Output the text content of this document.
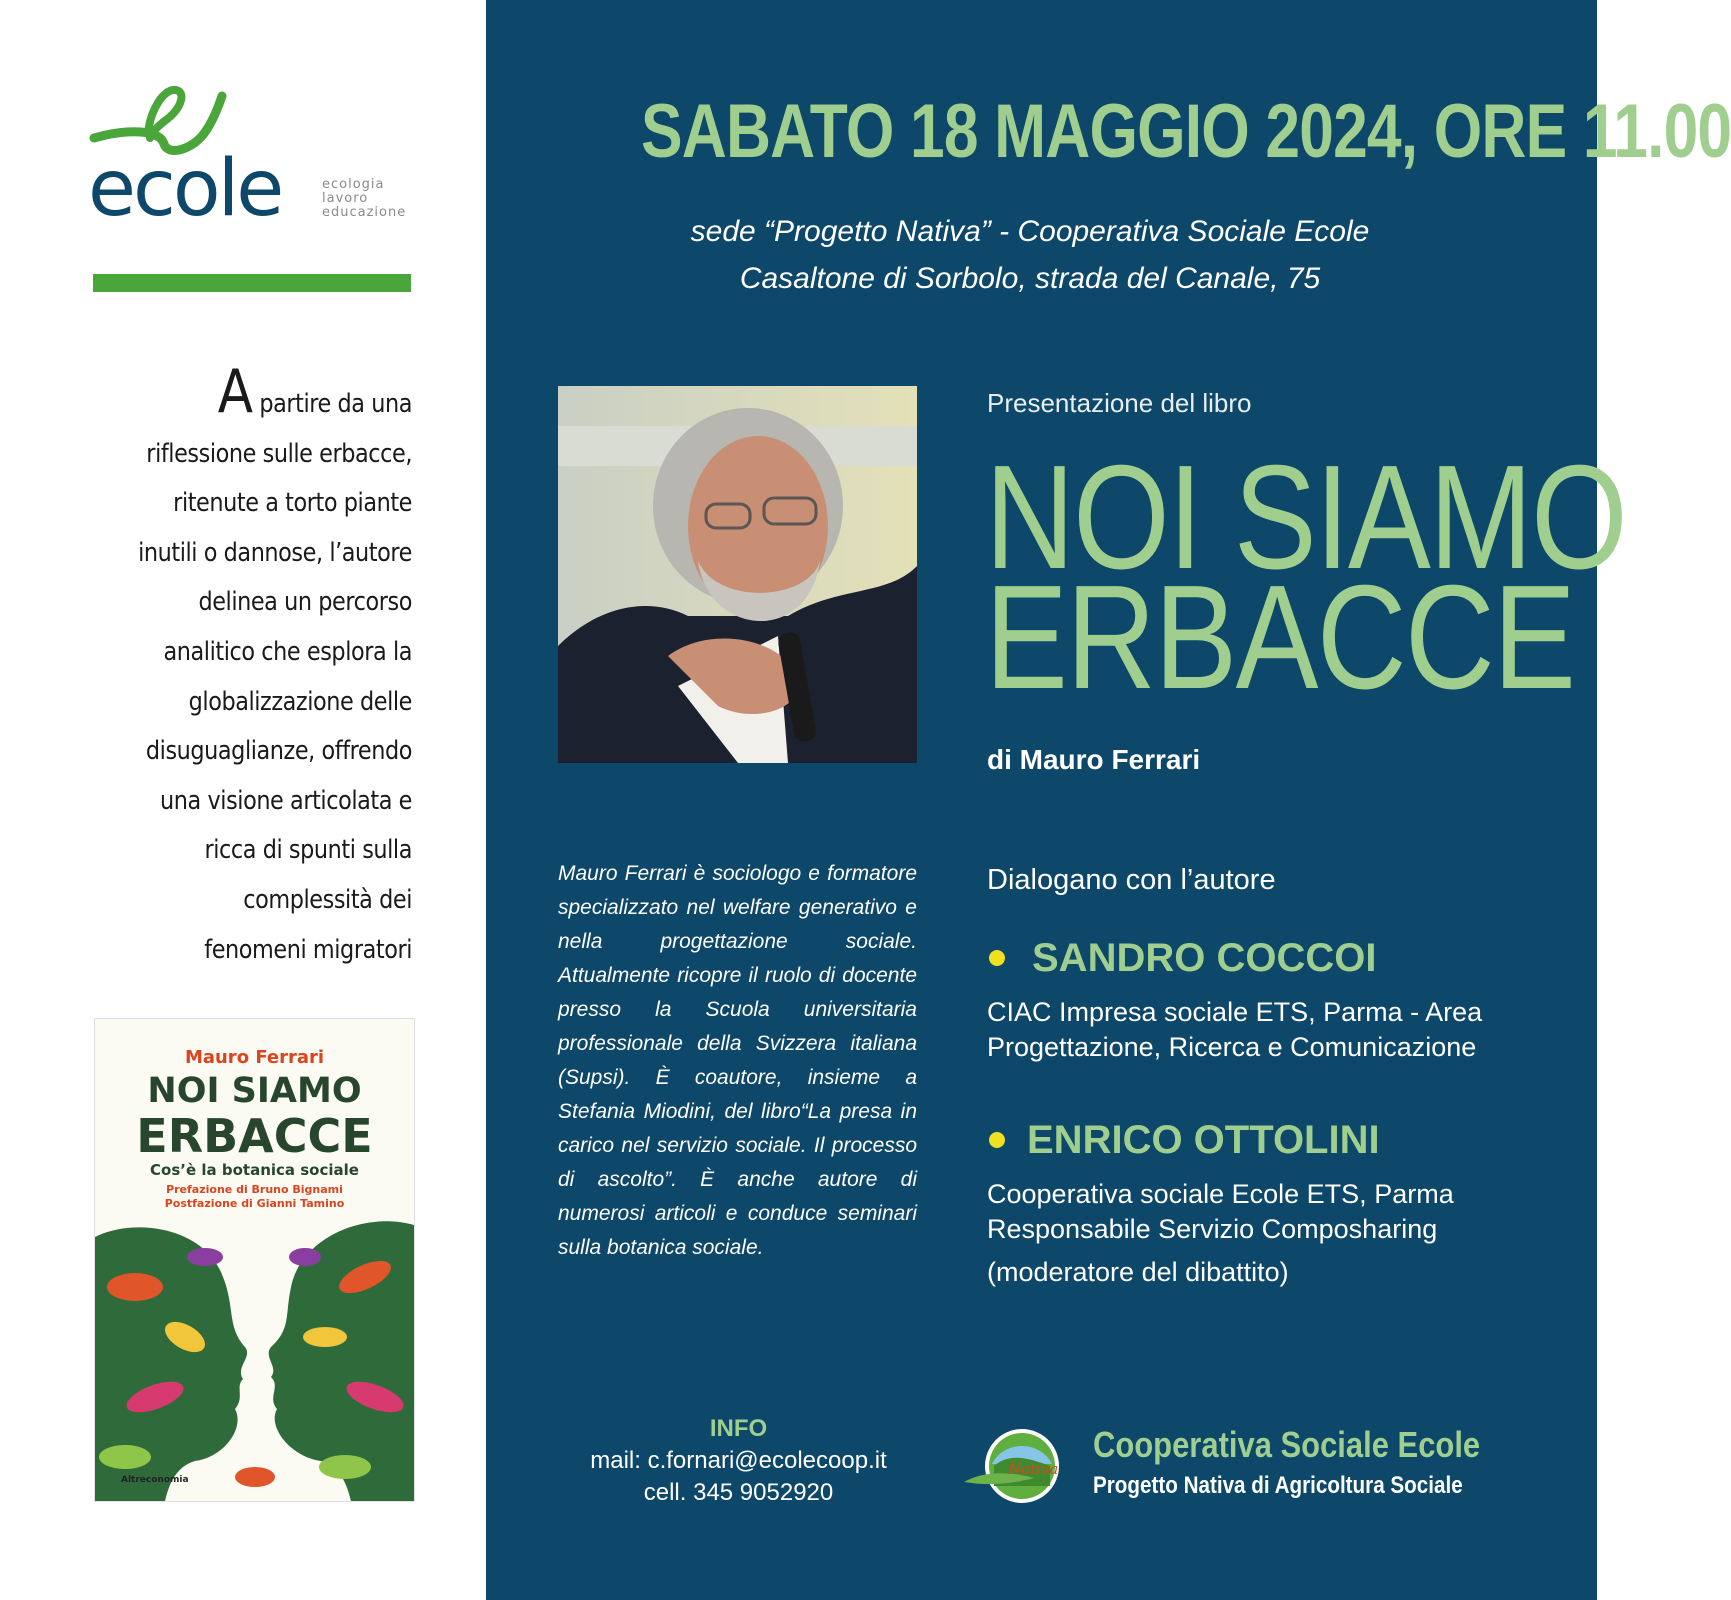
ecole	ecologia
lavoro
educazione
A partire da una
riflessione sulle erbacce,
ritenute a torto piante
inutili o dannose, l’autore
delinea un percorso
analitico che esplora la
globalizzazione delle
disuguaglianze, offrendo
una visione articolata e
ricca di spunti sulla
complessità dei
fenomeni migratori
Mauro Ferrari
NOI SIAMO
ERBACCE
Cos’è la botanica sociale
Prefazione di Bruno Bignami
Postfazione di Gianni Tamino
Altreconomia
SABATO 18 MAGGIO 2024, ORE 11.00
sede “Progetto Nativa” - Cooperativa Sociale Ecole
Casaltone di Sorbolo, strada del Canale, 75
Presentazione del libro
NOI SIAMO
ERBACCE
di Mauro Ferrari
Mauro Ferrari è sociologo e formatore specializzato nel welfare generativo e nella progettazione sociale. Attualmente ricopre il ruolo di docente presso la Scuola universitaria professionale della Svizzera italiana (Supsi). È coautore, insieme a Stefania Miodini, del libro“La presa in carico nel servizio sociale. Il processo di ascolto”. È anche autore di numerosi articoli e conduce seminari sulla botanica sociale.
Dialogano con l’autore
SANDRO COCCOI
CIAC Impresa sociale ETS, Parma - Area
Progettazione, Ricerca e Comunicazione
ENRICO OTTOLINI
Cooperativa sociale Ecole ETS, Parma
Responsabile Servizio Composharing
(moderatore del dibattito)
INFO
mail: c.fornari@ecolecoop.it
cell. 345 9052920
Nativa
Cooperativa Sociale Ecole
Progetto Nativa di Agricoltura Sociale
